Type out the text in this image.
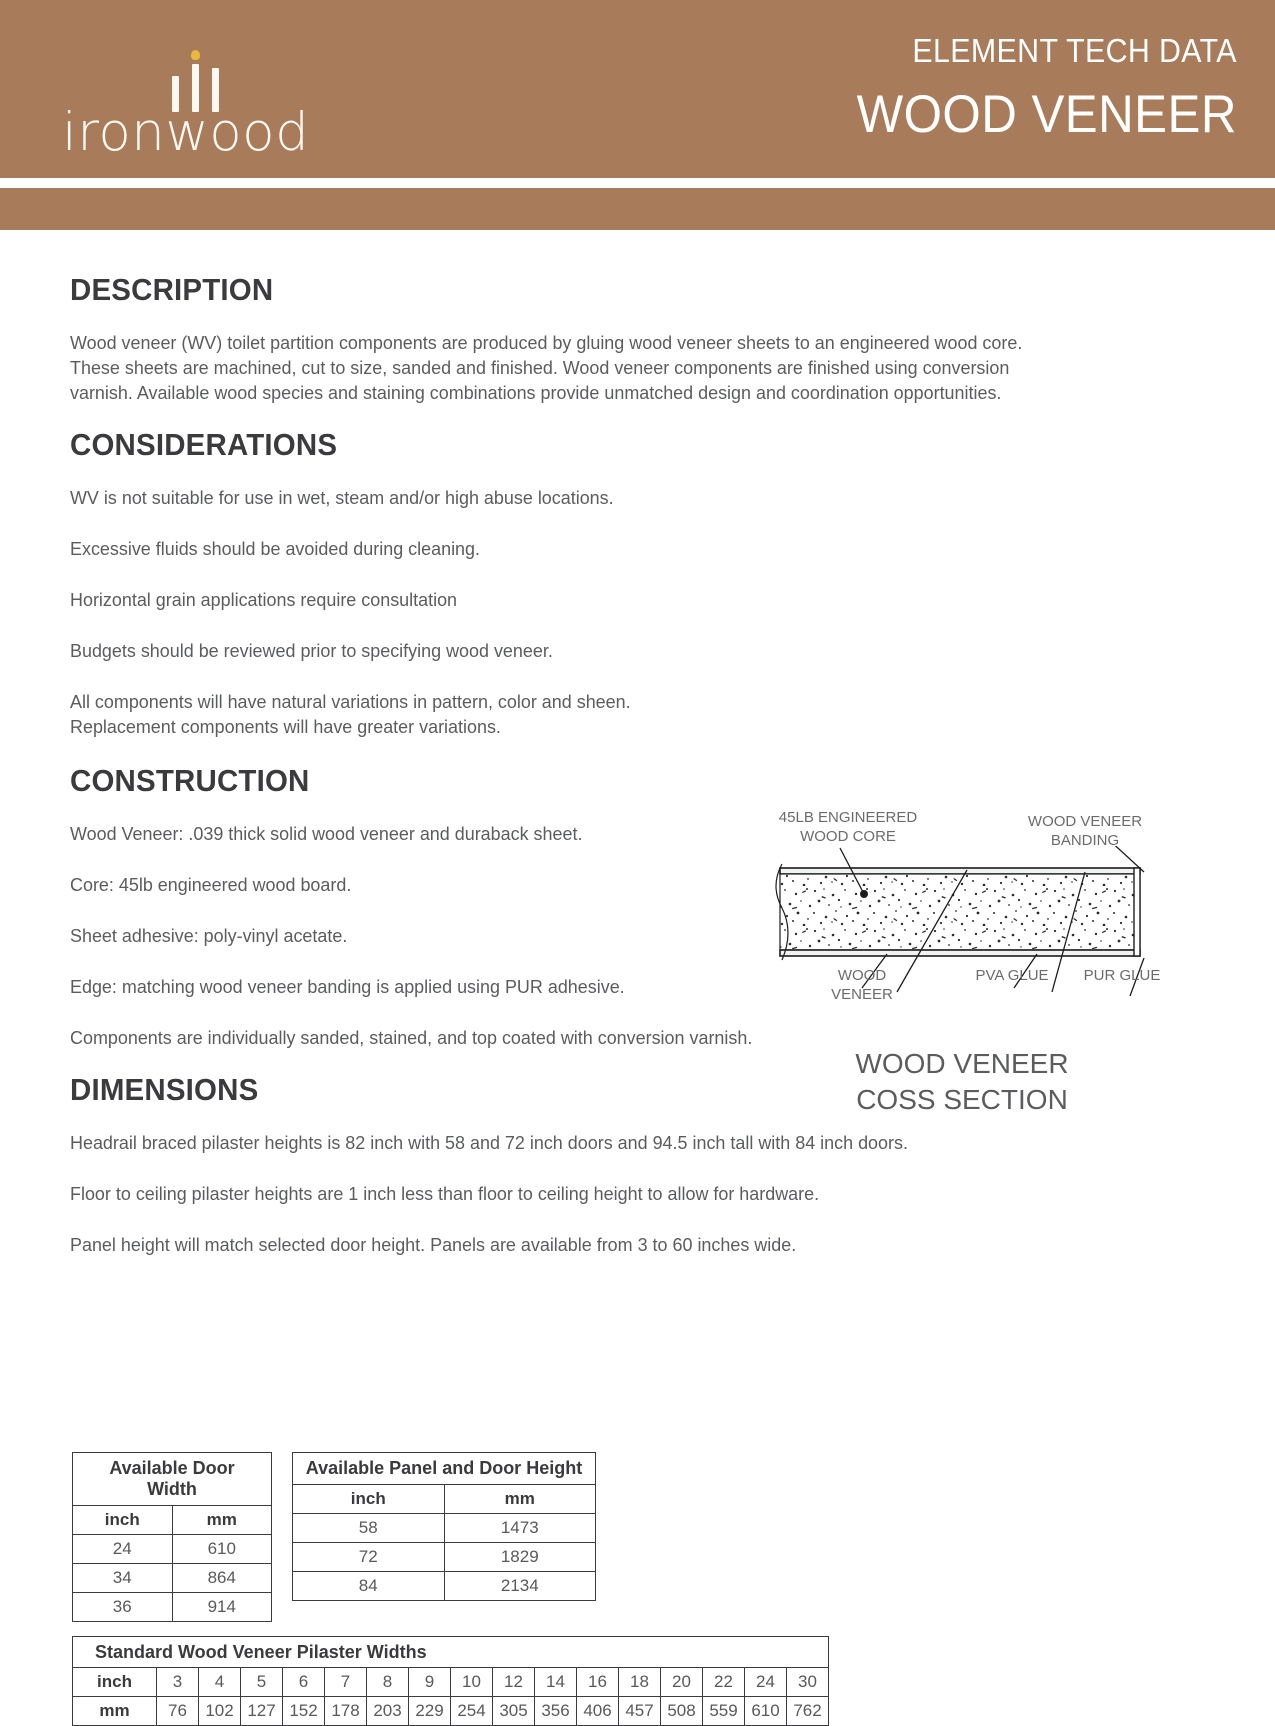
ironwood
ELEMENT TECH DATA
WOOD VENEER
DESCRIPTION

Wood veneer (WV) toilet partition components are produced by gluing wood veneer sheets to an engineered wood core. These sheets are machined, cut to size, sanded and finished. Wood veneer components are finished using conversion varnish. Available wood species and staining combinations provide unmatched design and coordination opportunities.

CONSIDERATIONS

WV is not suitable for use in wet, steam and/or high abuse locations.

Excessive fluids should be avoided during cleaning.

Horizontal grain applications require consultation

Budgets should be reviewed prior to specifying wood veneer.

All components will have natural variations in pattern, color and sheen. Replacement components will have greater variations.

CONSTRUCTION

Wood Veneer: .039 thick solid wood veneer and duraback sheet.

Core: 45lb engineered wood board.

Sheet adhesive: poly-vinyl acetate.

Edge: matching wood veneer banding is applied using PUR adhesive.

Components are individually sanded, stained, and top coated with conversion varnish.

DIMENSIONS

Headrail braced pilaster heights is 82 inch with 58 and 72 inch doors and 94.5 inch tall with 84 inch doors.

Floor to ceiling pilaster heights are 1 inch less than floor to ceiling height to allow for hardware.

Panel height will match selected door height. Panels are available from 3 to 60 inches wide.

45LB ENGINEERED
WOOD CORE
WOOD VENEER
BANDING
WOOD
VENEER
PVA GLUE	PUR GLUE
WOOD VENEER
COSS SECTION
Available Door Width	
inch	mm
24	610
34	864
36	914
Available Panel and Door Height	
inch	mm
58	1473
72	1829
84	2134
Standard Wood Veneer Pilaster Widths																
inch	3	4	5	6	7	8	9	10	12	14	16	18	20	22	24	30
mm	76	102	127	152	178	203	229	254	305	356	406	457	508	559	610	762
